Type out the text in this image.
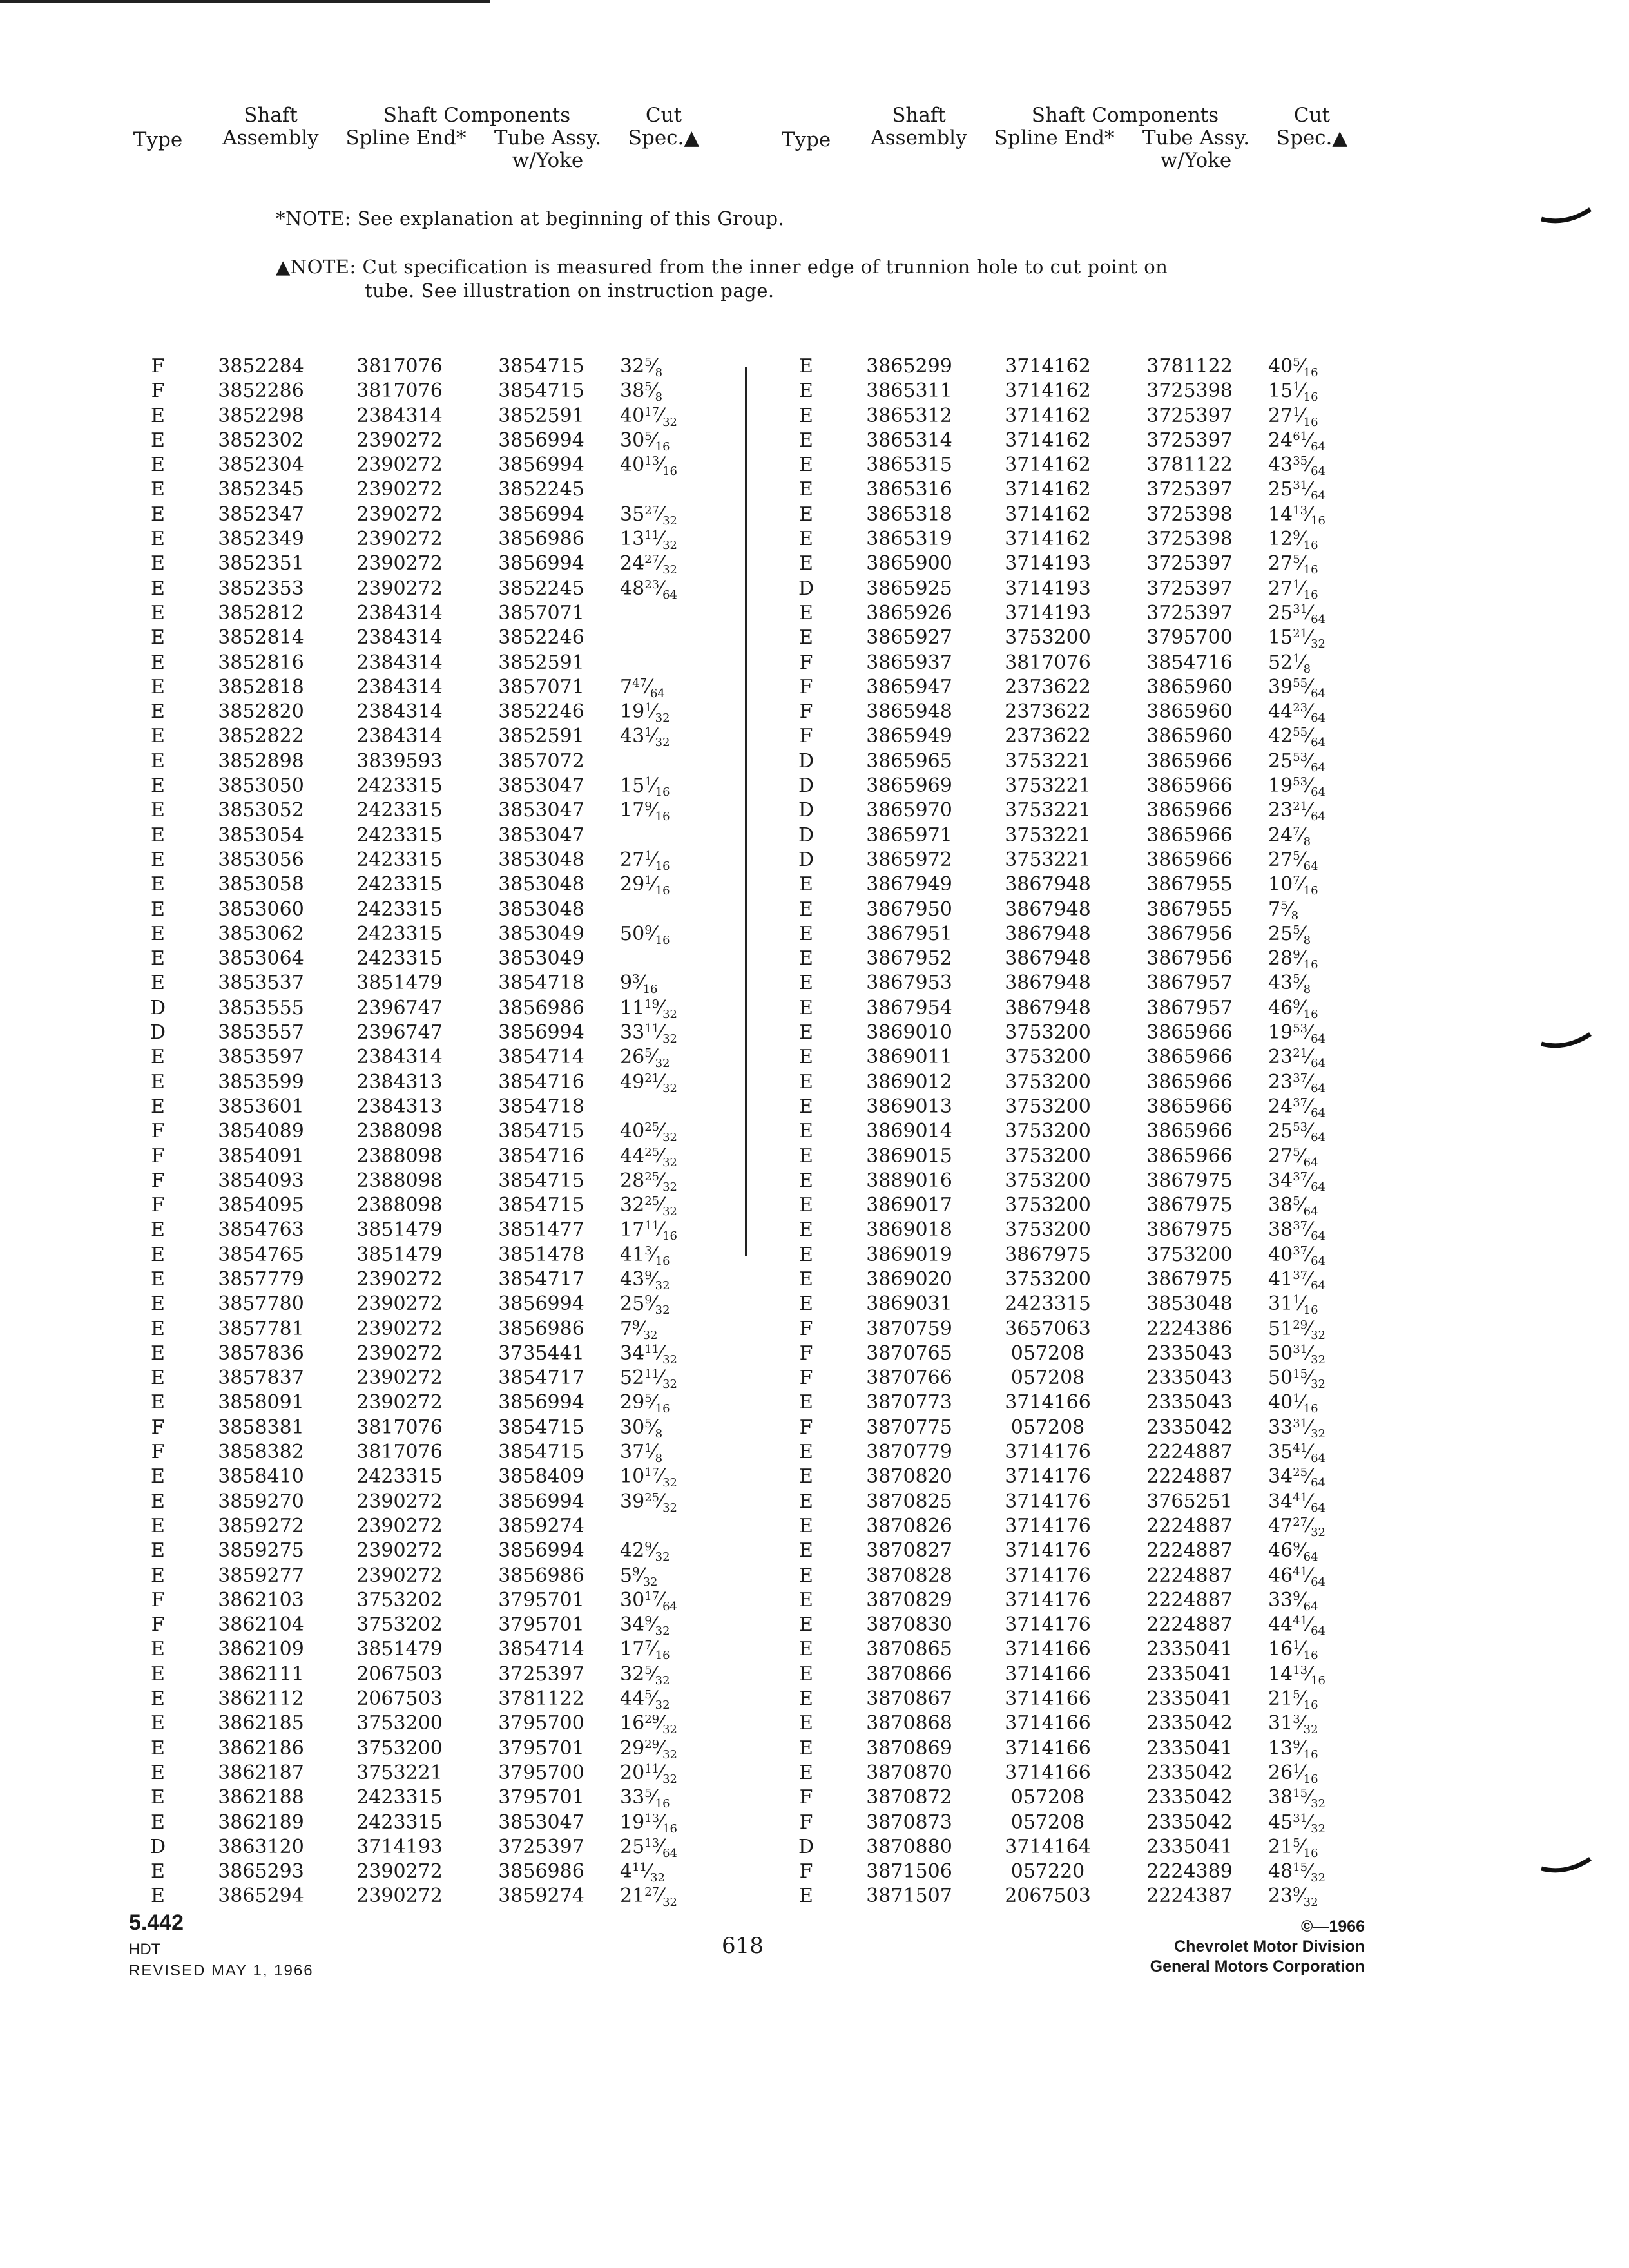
Type
Shaft
Assembly
Shaft Components
Spline End*	Tube Assy.
w/Yoke
Cut
Spec.▲	Type
Shaft
Assembly
Shaft Components
Spline End*	Tube Assy.
w/Yoke
Cut
Spec.▲
*NOTE: See explanation at beginning of this Group.
▲NOTE: Cut specification is measured from the inner edge of trunnion hole to cut point on
tube. See illustration on instruction page.
F	3852284	3817076	3854715	$32^5⁄_8$
F	3852286	3817076	3854715	$38^5⁄_8$
E	3852298	2384314	3852591	$40^{17}⁄_{32}$
E	3852302	2390272	3856994	$30^5⁄_{16}$
E	3852304	2390272	3856994	$40^{13}⁄_{16}$
E	3852345	2390272	3852245
E	3852347	2390272	3856994	$35^{27}⁄_{32}$
E	3852349	2390272	3856986	$13^{11}⁄_{32}$
E	3852351	2390272	3856994	$24^{27}⁄_{32}$
E	3852353	2390272	3852245	$48^{23}⁄_{64}$
E	3852812	2384314	3857071
E	3852814	2384314	3852246
E	3852816	2384314	3852591
E	3852818	2384314	3857071	$7^{47}⁄_{64}$
E	3852820	2384314	3852246	$19^1⁄_{32}$
E	3852822	2384314	3852591	$43^1⁄_{32}$
E	3852898	3839593	3857072
E	3853050	2423315	3853047	$15^1⁄_{16}$
E	3853052	2423315	3853047	$17^9⁄_{16}$
E	3853054	2423315	3853047
E	3853056	2423315	3853048	$27^1⁄_{16}$
E	3853058	2423315	3853048	$29^1⁄_{16}$
E	3853060	2423315	3853048
E	3853062	2423315	3853049	$50^9⁄_{16}$
E	3853064	2423315	3853049
E	3853537	3851479	3854718	$9^3⁄_{16}$
D	3853555	2396747	3856986	$11^{19}⁄_{32}$
D	3853557	2396747	3856994	$33^{11}⁄_{32}$
E	3853597	2384314	3854714	$26^5⁄_{32}$
E	3853599	2384313	3854716	$49^{21}⁄_{32}$
E	3853601	2384313	3854718
F	3854089	2388098	3854715	$40^{25}⁄_{32}$
F	3854091	2388098	3854716	$44^{25}⁄_{32}$
F	3854093	2388098	3854715	$28^{25}⁄_{32}$
F	3854095	2388098	3854715	$32^{25}⁄_{32}$
E	3854763	3851479	3851477	$17^{11}⁄_{16}$
E	3854765	3851479	3851478	$41^3⁄_{16}$
E	3857779	2390272	3854717	$43^9⁄_{32}$
E	3857780	2390272	3856994	$25^9⁄_{32}$
E	3857781	2390272	3856986	$7^9⁄_{32}$
E	3857836	2390272	3735441	$34^{11}⁄_{32}$
E	3857837	2390272	3854717	$52^{11}⁄_{32}$
E	3858091	2390272	3856994	$29^5⁄_{16}$
F	3858381	3817076	3854715	$30^5⁄_8$
F	3858382	3817076	3854715	$37^1⁄_8$
E	3858410	2423315	3858409	$10^{17}⁄_{32}$
E	3859270	2390272	3856994	$39^{25}⁄_{32}$
E	3859272	2390272	3859274
E	3859275	2390272	3856994	$42^9⁄_{32}$
E	3859277	2390272	3856986	$5^9⁄_{32}$
F	3862103	3753202	3795701	$30^{17}⁄_{64}$
F	3862104	3753202	3795701	$34^9⁄_{32}$
E	3862109	3851479	3854714	$17^7⁄_{16}$
E	3862111	2067503	3725397	$32^5⁄_{32}$
E	3862112	2067503	3781122	$44^5⁄_{32}$
E	3862185	3753200	3795700	$16^{29}⁄_{32}$
E	3862186	3753200	3795701	$29^{29}⁄_{32}$
E	3862187	3753221	3795700	$20^{11}⁄_{32}$
E	3862188	2423315	3795701	$33^5⁄_{16}$
E	3862189	2423315	3853047	$19^{13}⁄_{16}$
D	3863120	3714193	3725397	$25^{13}⁄_{64}$
E	3865293	2390272	3856986	$4^{11}⁄_{32}$
E	3865294	2390272	3859274	$21^{27}⁄_{32}$
E	3865299	3714162	3781122	$40^5⁄_{16}$
E	3865311	3714162	3725398	$15^1⁄_{16}$
E	3865312	3714162	3725397	$27^1⁄_{16}$
E	3865314	3714162	3725397	$24^{61}⁄_{64}$
E	3865315	3714162	3781122	$43^{35}⁄_{64}$
E	3865316	3714162	3725397	$25^{31}⁄_{64}$
E	3865318	3714162	3725398	$14^{13}⁄_{16}$
E	3865319	3714162	3725398	$12^9⁄_{16}$
E	3865900	3714193	3725397	$27^5⁄_{16}$
D	3865925	3714193	3725397	$27^1⁄_{16}$
E	3865926	3714193	3725397	$25^{31}⁄_{64}$
E	3865927	3753200	3795700	$15^{21}⁄_{32}$
F	3865937	3817076	3854716	$52^1⁄_8$
F	3865947	2373622	3865960	$39^{55}⁄_{64}$
F	3865948	2373622	3865960	$44^{23}⁄_{64}$
F	3865949	2373622	3865960	$42^{55}⁄_{64}$
D	3865965	3753221	3865966	$25^{53}⁄_{64}$
D	3865969	3753221	3865966	$19^{53}⁄_{64}$
D	3865970	3753221	3865966	$23^{21}⁄_{64}$
D	3865971	3753221	3865966	$24^7⁄_8$
D	3865972	3753221	3865966	$27^5⁄_{64}$
E	3867949	3867948	3867955	$10^7⁄_{16}$
E	3867950	3867948	3867955	$7^5⁄_8$
E	3867951	3867948	3867956	$25^5⁄_8$
E	3867952	3867948	3867956	$28^9⁄_{16}$
E	3867953	3867948	3867957	$43^5⁄_8$
E	3867954	3867948	3867957	$46^9⁄_{16}$
E	3869010	3753200	3865966	$19^{53}⁄_{64}$
E	3869011	3753200	3865966	$23^{21}⁄_{64}$
E	3869012	3753200	3865966	$23^{37}⁄_{64}$
E	3869013	3753200	3865966	$24^{37}⁄_{64}$
E	3869014	3753200	3865966	$25^{53}⁄_{64}$
E	3869015	3753200	3865966	$27^5⁄_{64}$
E	3889016	3753200	3867975	$34^{37}⁄_{64}$
E	3869017	3753200	3867975	$38^5⁄_{64}$
E	3869018	3753200	3867975	$38^{37}⁄_{64}$
E	3869019	3867975	3753200	$40^{37}⁄_{64}$
E	3869020	3753200	3867975	$41^{37}⁄_{64}$
E	3869031	2423315	3853048	$31^1⁄_{16}$
F	3870759	3657063	2224386	$51^{29}⁄_{32}$
F	3870765	057208	2335043	$50^{31}⁄_{32}$
F	3870766	057208	2335043	$50^{15}⁄_{32}$
E	3870773	3714166	2335043	$40^1⁄_{16}$
F	3870775	057208	2335042	$33^{31}⁄_{32}$
E	3870779	3714176	2224887	$35^{41}⁄_{64}$
E	3870820	3714176	2224887	$34^{25}⁄_{64}$
E	3870825	3714176	3765251	$34^{41}⁄_{64}$
E	3870826	3714176	2224887	$47^{27}⁄_{32}$
E	3870827	3714176	2224887	$46^9⁄_{64}$
E	3870828	3714176	2224887	$46^{41}⁄_{64}$
E	3870829	3714176	2224887	$33^9⁄_{64}$
E	3870830	3714176	2224887	$44^{41}⁄_{64}$
E	3870865	3714166	2335041	$16^1⁄_{16}$
E	3870866	3714166	2335041	$14^{13}⁄_{16}$
E	3870867	3714166	2335041	$21^5⁄_{16}$
E	3870868	3714166	2335042	$31^3⁄_{32}$
E	3870869	3714166	2335041	$13^9⁄_{16}$
E	3870870	3714166	2335042	$26^1⁄_{16}$
F	3870872	057208	2335042	$38^{15}⁄_{32}$
F	3870873	057208	2335042	$45^{31}⁄_{32}$
D	3870880	3714164	2335041	$21^5⁄_{16}$
F	3871506	057220	2224389	$48^{15}⁄_{32}$
E	3871507	2067503	2224387	$23^9⁄_{32}$
5.442
HDT
REVISED MAY 1, 1966
618
©—1966
Chevrolet Motor Division
General Motors Corporation
